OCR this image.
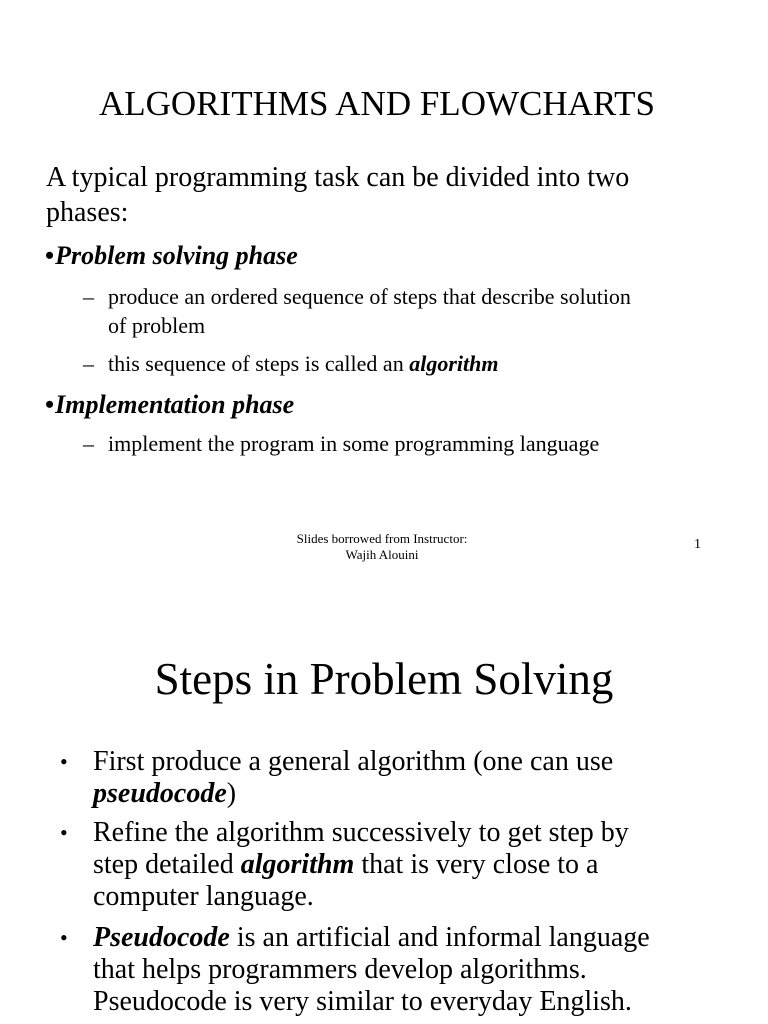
ALGORITHMS AND FLOWCHARTS
A typical programming task can be divided into two
phases:
•Problem solving phase
– produce an ordered sequence of steps that describe solution
of problem
– this sequence of steps is called an algorithm
•Implementation phase
– implement the program in some programming language
Slides borrowed from Instructor:
Wajih Alouini
1
Steps in Problem Solving
• First produce a general algorithm (one can use
pseudocode)
• Refine the algorithm successively to get step by
step detailed algorithm that is very close to a
computer language.
• Pseudocode is an artificial and informal language
that helps programmers develop algorithms.
Pseudocode is very similar to everyday English.
